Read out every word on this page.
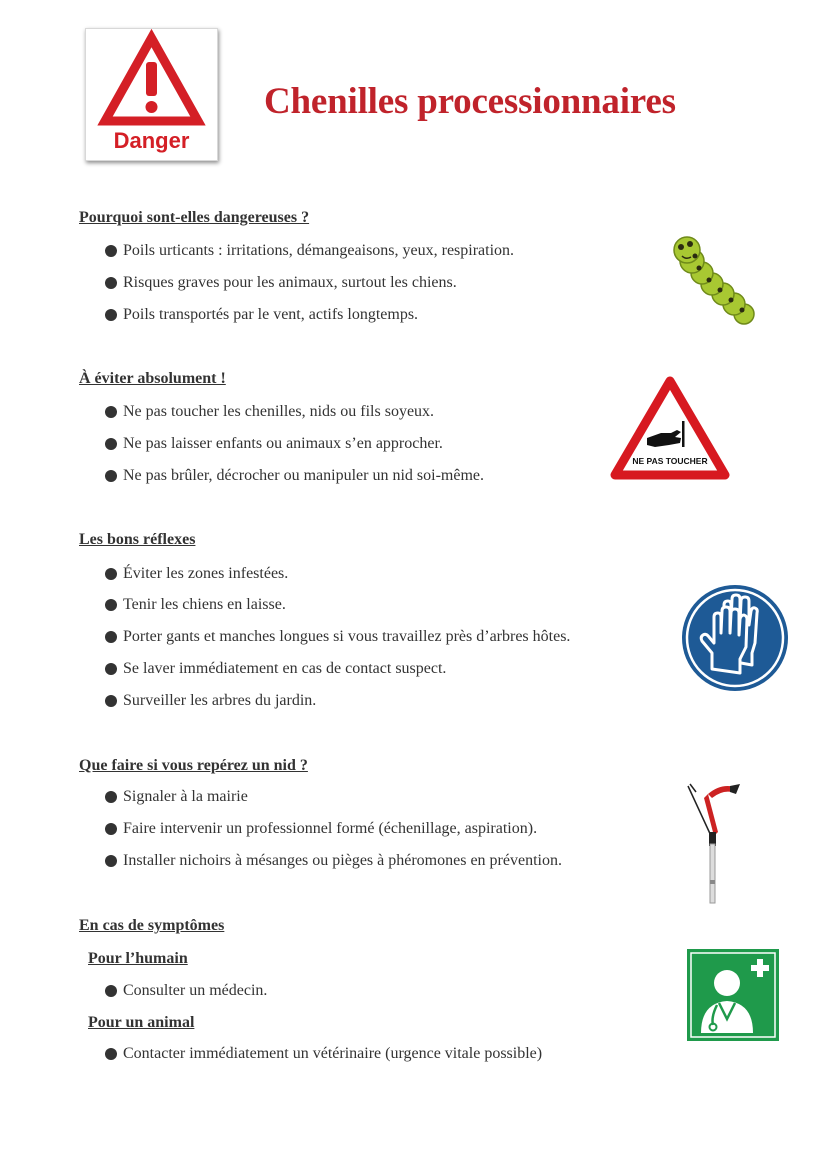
Danger
Chenilles processionnaires
Pourquoi sont-elles dangereuses ?
Poils urticants : irritations, démangeaisons, yeux, respiration.
Risques graves pour les animaux, surtout les chiens.
Poils transportés par le vent, actifs longtemps.
À éviter absolument !
Ne pas toucher les chenilles, nids ou fils soyeux.
Ne pas laisser enfants ou animaux s’en approcher.
Ne pas brûler, décrocher ou manipuler un nid soi-même.
NE PAS TOUCHER
Les bons réflexes
Éviter les zones infestées.
Tenir les chiens en laisse.
Porter gants et manches longues si vous travaillez près d’arbres hôtes.
Se laver immédiatement en cas de contact suspect.
Surveiller les arbres du jardin.
Que faire si vous repérez un nid ?
Signaler à la mairie
Faire intervenir un professionnel formé (échenillage, aspiration).
Installer nichoirs à mésanges ou pièges à phéromones en prévention.
En cas de symptômes
Pour l’humain
Consulter un médecin.
Pour un animal
Contacter immédiatement un vétérinaire (urgence vitale possible)
